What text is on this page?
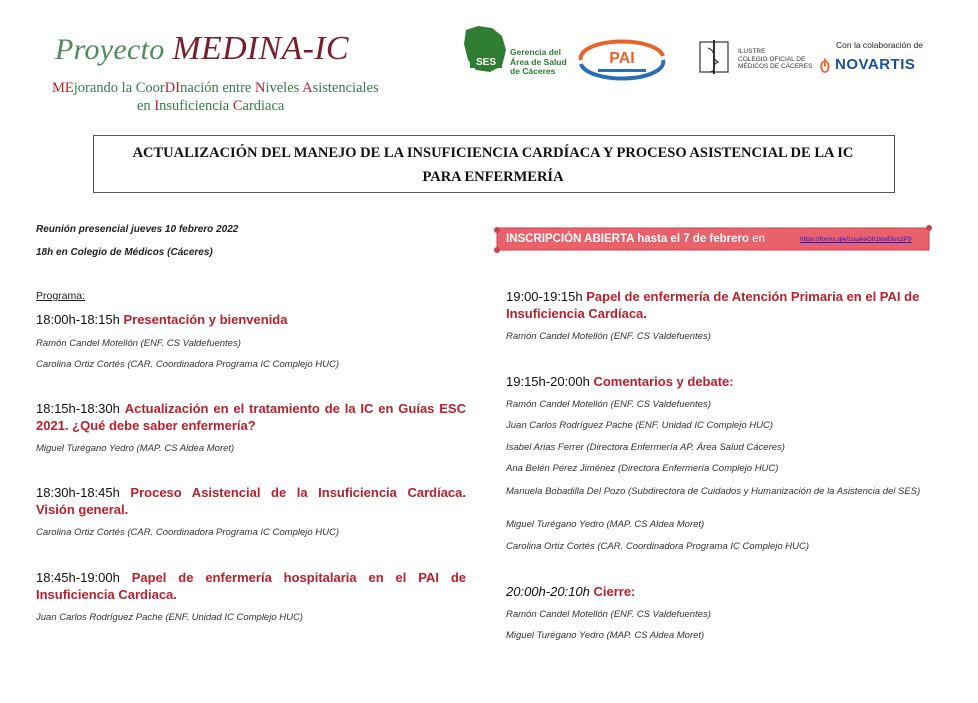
Proyecto MEDINA-IC
MEjorando la CoorDInación entre Niveles Asistenciales
en Insuficiencia Cardiaca
SES
Gerencia del
Área de Salud
de Cáceres
PAI	ILUSTRE
COLEGIO OFICIAL DE
MÉDICOS DE CÁCERES
Con la colaboración de
ტ NOVARTIS
ACTUALIZACIÓN DEL MANEJO DE LA INSUFICIENCIA CARDÍACA Y PROCESO ASISTENCIAL DE LA IC
PARA ENFERMERÍA
Reunión presencial jueves 10 febrero 2022
18h en Colegio de Médicos (Cáceres)
INSCRIPCIÓN ABIERTA hasta el 7 de febrero en	https://forms.gle/1uuAeGh1kwEkm2P9
Programa:
18:00h-18:15h Presentación y bienvenida
Ramón Candel Motellón (ENF. CS Valdefuentes)
Carolina Ortiz Cortés (CAR. Coordinadora Programa IC Complejo HUC)
18:15h-18:30h Actualización en el tratamiento de la IC en Guías ESC 2021. ¿Qué debe saber enfermería?
Miguel Turégano Yedro (MAP. CS Aldea Moret)
18:30h-18:45h Proceso Asistencial de la Insuficiencia Cardíaca. Visión general.
Carolina Ortiz Cortés (CAR. Coordinadora Programa IC Complejo HUC)
18:45h-19:00h Papel de enfermería hospitalaria en el PAI de Insuficiencia Cardiaca.
Juan Carlos Rodríguez Pache (ENF. Unidad IC Complejo HUC)
19:00-19:15h Papel de enfermería de Atención Primaria en el PAI de Insuficiencia Cardíaca.
Ramón Candel Motellón (ENF. CS Valdefuentes)
19:15h-20:00h Comentarios y debate:
Ramón Candel Motellón (ENF. CS Valdefuentes)
Juan Carlos Rodríguez Pache (ENF. Unidad IC Complejo HUC)
Isabel Arias Ferrer (Directora Enfermería AP. Área Salud Cáceres)
Ana Belén Pérez Jiménez (Directora Enfermería Complejo HUC)
Manuela Bobadilla Del Pozo (Subdirectora de Cuidados y Humanización de la Asistencia del SES)
Miguel Turégano Yedro (MAP. CS Aldea Moret)
Carolina Ortiz Cortés (CAR. Coordinadora Programa IC Complejo HUC)
20:00h-20:10h Cierre:
Ramón Candel Motellón (ENF. CS Valdefuentes)
Miguel Turégano Yedro (MAP. CS Aldea Moret)
